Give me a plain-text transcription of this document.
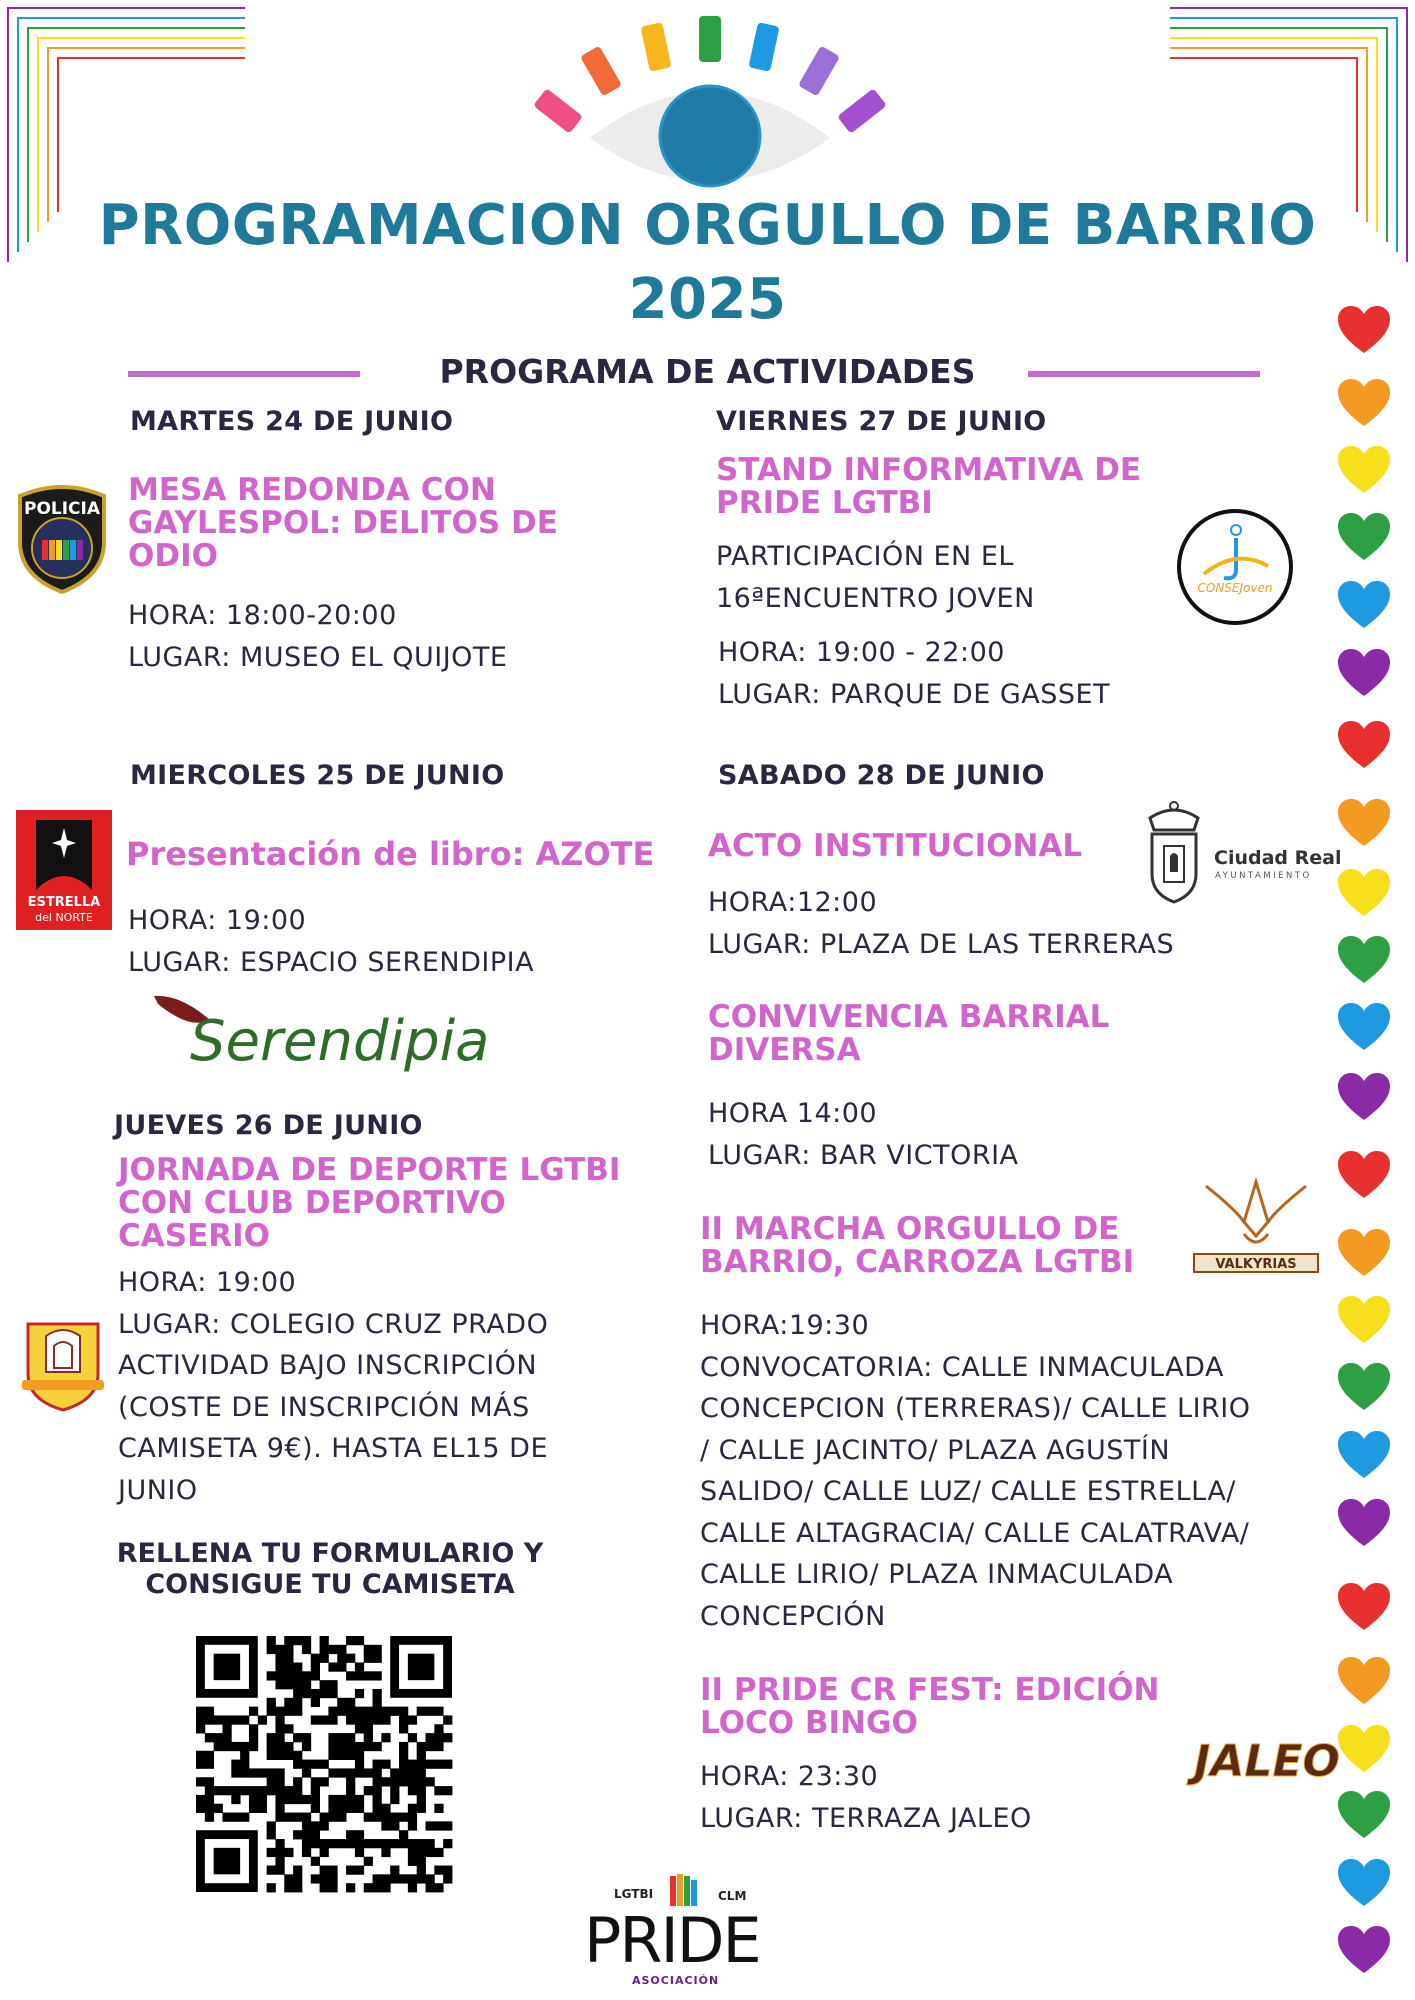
PROGRAMACION ORGULLO DE BARRIO
2025
PROGRAMA DE ACTIVIDADES
MARTES 24 DE JUNIO
POLICIA
MESA REDONDA CON
GAYLESPOL: DELITOS DE
ODIO
HORA: 18:00-20:00
LUGAR: MUSEO EL QUIJOTE
MIERCOLES 25 DE JUNIO
ESTRELLA
del NORTE
Presentación de libro: AZOTE
HORA: 19:00
LUGAR: ESPACIO SERENDIPIA
Serendipia
JUEVES 26 DE JUNIO
JORNADA DE DEPORTE LGTBI
CON CLUB DEPORTIVO
CASERIO
HORA: 19:00
LUGAR: COLEGIO CRUZ PRADO
ACTIVIDAD BAJO INSCRIPCIÓN
(COSTE DE INSCRIPCIÓN MÁS
CAMISETA 9€). HASTA EL15 DE
JUNIO
RELLENA TU FORMULARIO Y
CONSIGUE TU CAMISETA
VIERNES 27 DE JUNIO
STAND INFORMATIVA DE
PRIDE LGTBI
PARTICIPACIÓN EN EL
16ªENCUENTRO JOVEN
HORA: 19:00 - 22:00
LUGAR: PARQUE DE GASSET
CONSEJoven
SABADO 28 DE JUNIO
ACTO INSTITUCIONAL
HORA:12:00
LUGAR: PLAZA DE LAS TERRERAS
Ciudad Real
AYUNTAMIENTO
CONVIVENCIA BARRIAL
DIVERSA
HORA 14:00
LUGAR: BAR VICTORIA
II MARCHA ORGULLO DE
BARRIO, CARROZA LGTBI	VALKYRIAS
HORA:19:30
CONVOCATORIA: CALLE INMACULADA
CONCEPCION (TERRERAS)/ CALLE LIRIO
/ CALLE JACINTO/ PLAZA AGUSTÍN
SALIDO/ CALLE LUZ/ CALLE ESTRELLA/
CALLE ALTAGRACIA/ CALLE CALATRAVA/
CALLE LIRIO/ PLAZA INMACULADA
CONCEPCIÓN
II PRIDE CR FEST: EDICIÓN
LOCO BINGO
HORA: 23:30
LUGAR: TERRAZA JALEO
JALEO
LGTBI	CLM
PRIDE
ASOCIACIÓN
